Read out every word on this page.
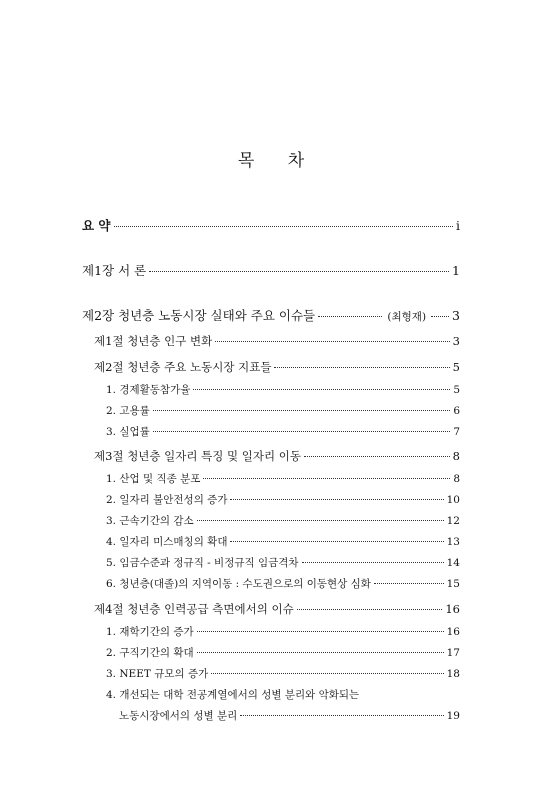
목 차
요 약	i
제1장 서 론	1
제2장 청년층 노동시장 실태와 주요 이슈들	(최형재) 3
제1절 청년층 인구 변화	3
제2절 청년층 주요 노동시장 지표들	5
1. 경제활동참가율	5
2. 고용률	6
3. 실업률	7
제3절 청년층 일자리 특징 및 일자리 이동	8
1. 산업 및 직종 분포	8
2. 일자리 불안전성의 증가	10
3. 근속기간의 감소	12
4. 일자리 미스매칭의 확대	13
5. 임금수준과 정규직 - 비정규직 임금격차	14
6. 청년층(대졸)의 지역이동 : 수도권으로의 이동현상 심화	15
제4절 청년층 인력공급 측면에서의 이슈	16
1. 재학기간의 증가	16
2. 구직기간의 확대	17
3. NEET 규모의 증가	18
4. 개선되는 대학 전공계열에서의 성별 분리와 악화되는
노동시장에서의 성별 분리	19
